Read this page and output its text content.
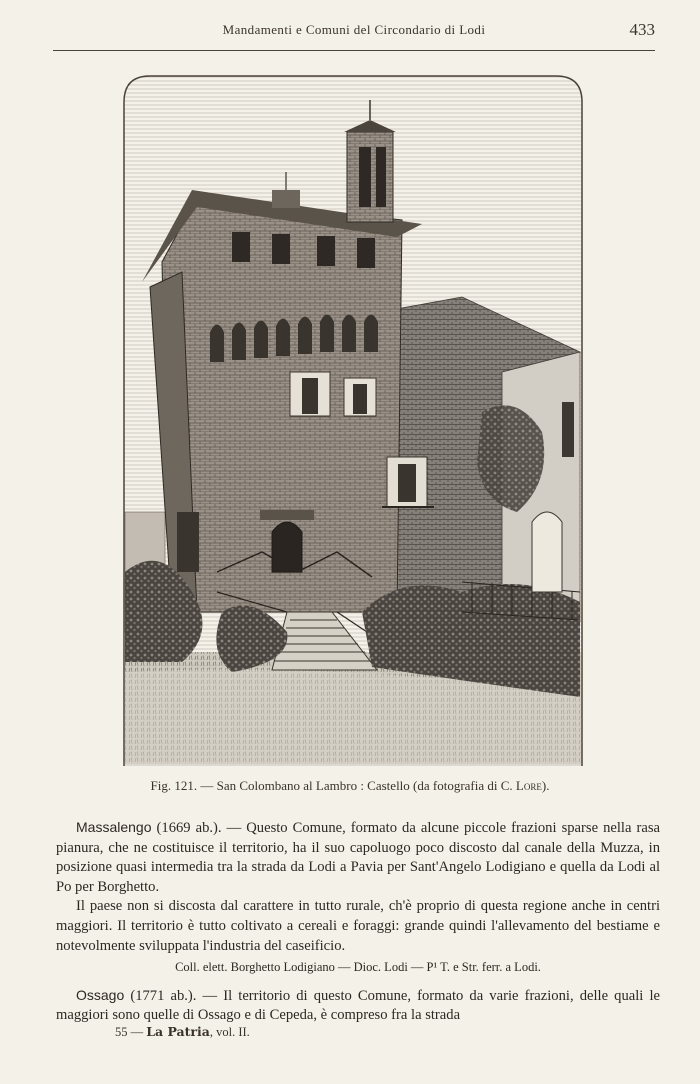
Mandamenti e Comuni del Circondario di Lodi	433
Fig. 121. — San Colombano al Lambro : Castello (da fotografia di C. Lore).

Massalengo (1669 ab.). — Questo Comune, formato da alcune piccole frazioni sparse nella rasa pianura, che ne costituisce il territorio, ha il suo capoluogo poco discosto dal canale della Muzza, in posizione quasi intermedia tra la strada da Lodi a Pavia per Sant'Angelo Lodigiano e quella da Lodi al Po per Borghetto.

Il paese non si discosta dal carattere in tutto rurale, ch'è proprio di questa regione anche in centri maggiori. Il territorio è tutto coltivato a cereali e foraggi: grande quindi l'allevamento del bestiame e notevolmente sviluppata l'industria del caseificio.

Coll. elett. Borghetto Lodigiano — Dioc. Lodi — P¹ T. e Str. ferr. a Lodi.

Ossago (1771 ab.). — Il territorio di questo Comune, formato da varie frazioni, delle quali le maggiori sono quelle di Ossago e di Cepeda, è compreso fra la strada

55 — La Patria, vol. II.
